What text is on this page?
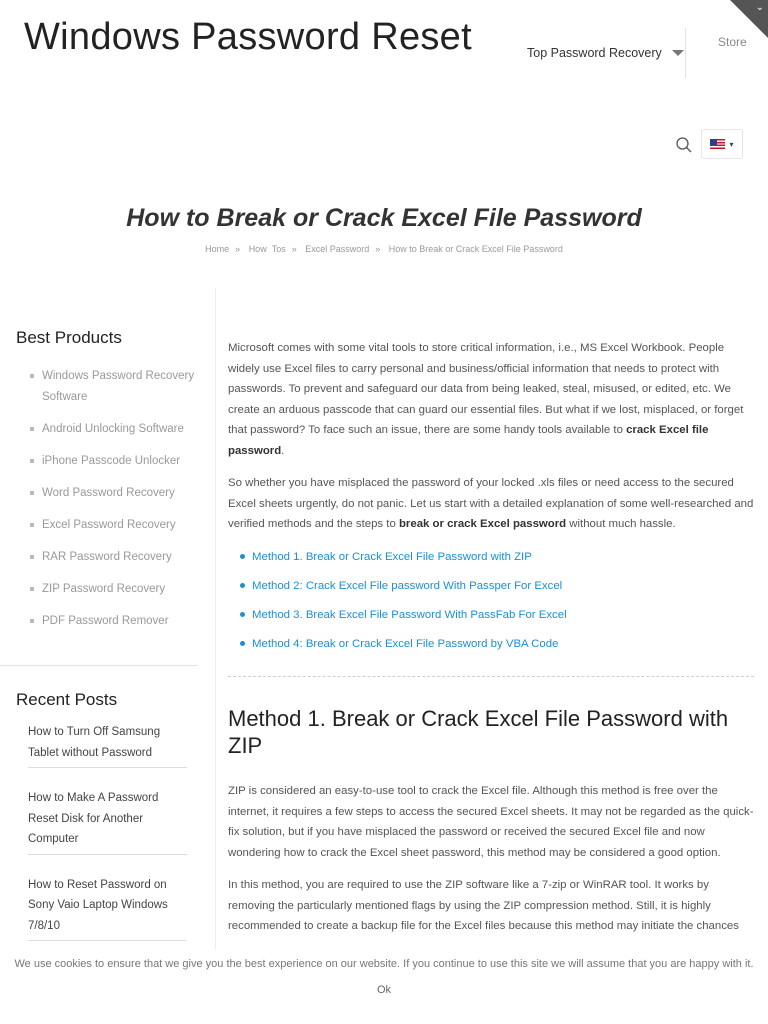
Windows Password Reset	Top Password Recovery
Store
⌄
▾
How to Break or Crack Excel File Password
Home » How_Tos » Excel Password » How to Break or Crack Excel File Password
Best Products
Windows Password Recovery Software
Android Unlocking Software
iPhone Passcode Unlocker
Word Password Recovery
Excel Password Recovery
RAR Password Recovery
ZIP Password Recovery
PDF Password Remover
Recent Posts
How to Turn Off Samsung Tablet without Password
How to Make A Password Reset Disk for Another Computer
How to Reset Password on Sony Vaio Laptop Windows 7/8/10

Microsoft comes with some vital tools to store critical information, i.e., MS Excel Workbook. People widely use Excel files to carry personal and business/official information that needs to protect with passwords. To prevent and safeguard our data from being leaked, steal, misused, or edited, etc. We create an arduous passcode that can guard our essential files. But what if we lost, misplaced, or forget that password? To face such an issue, there are some handy tools available to crack Excel file password.

So whether you have misplaced the password of your locked .xls files or need access to the secured Excel sheets urgently, do not panic. Let us start with a detailed explanation of some well-researched and verified methods and the steps to break or crack Excel password without much hassle.

Method 1. Break or Crack Excel File Password with ZIP
Method 2: Crack Excel File password With Passper For Excel
Method 3. Break Excel File Password With PassFab For Excel
Method 4: Break or Crack Excel File Password by VBA Code
Method 1. Break or Crack Excel File Password with ZIP

ZIP is considered an easy-to-use tool to crack the Excel file. Although this method is free over the internet, it requires a few steps to access the secured Excel sheets. It may not be regarded as the quick-fix solution, but if you have misplaced the password or received the secured Excel file and now wondering how to crack the Excel sheet password, this method may be considered a good option.

In this method, you are required to use the ZIP software like a 7-zip or WinRAR tool. It works by removing the particularly mentioned flags by using the ZIP compression method. Still, it is highly recommended to create a backup file for the Excel files because this method may initiate the chances

We use cookies to ensure that we give you the best experience on our website. If you continue to use this site we will assume that you are happy with it.
Ok
